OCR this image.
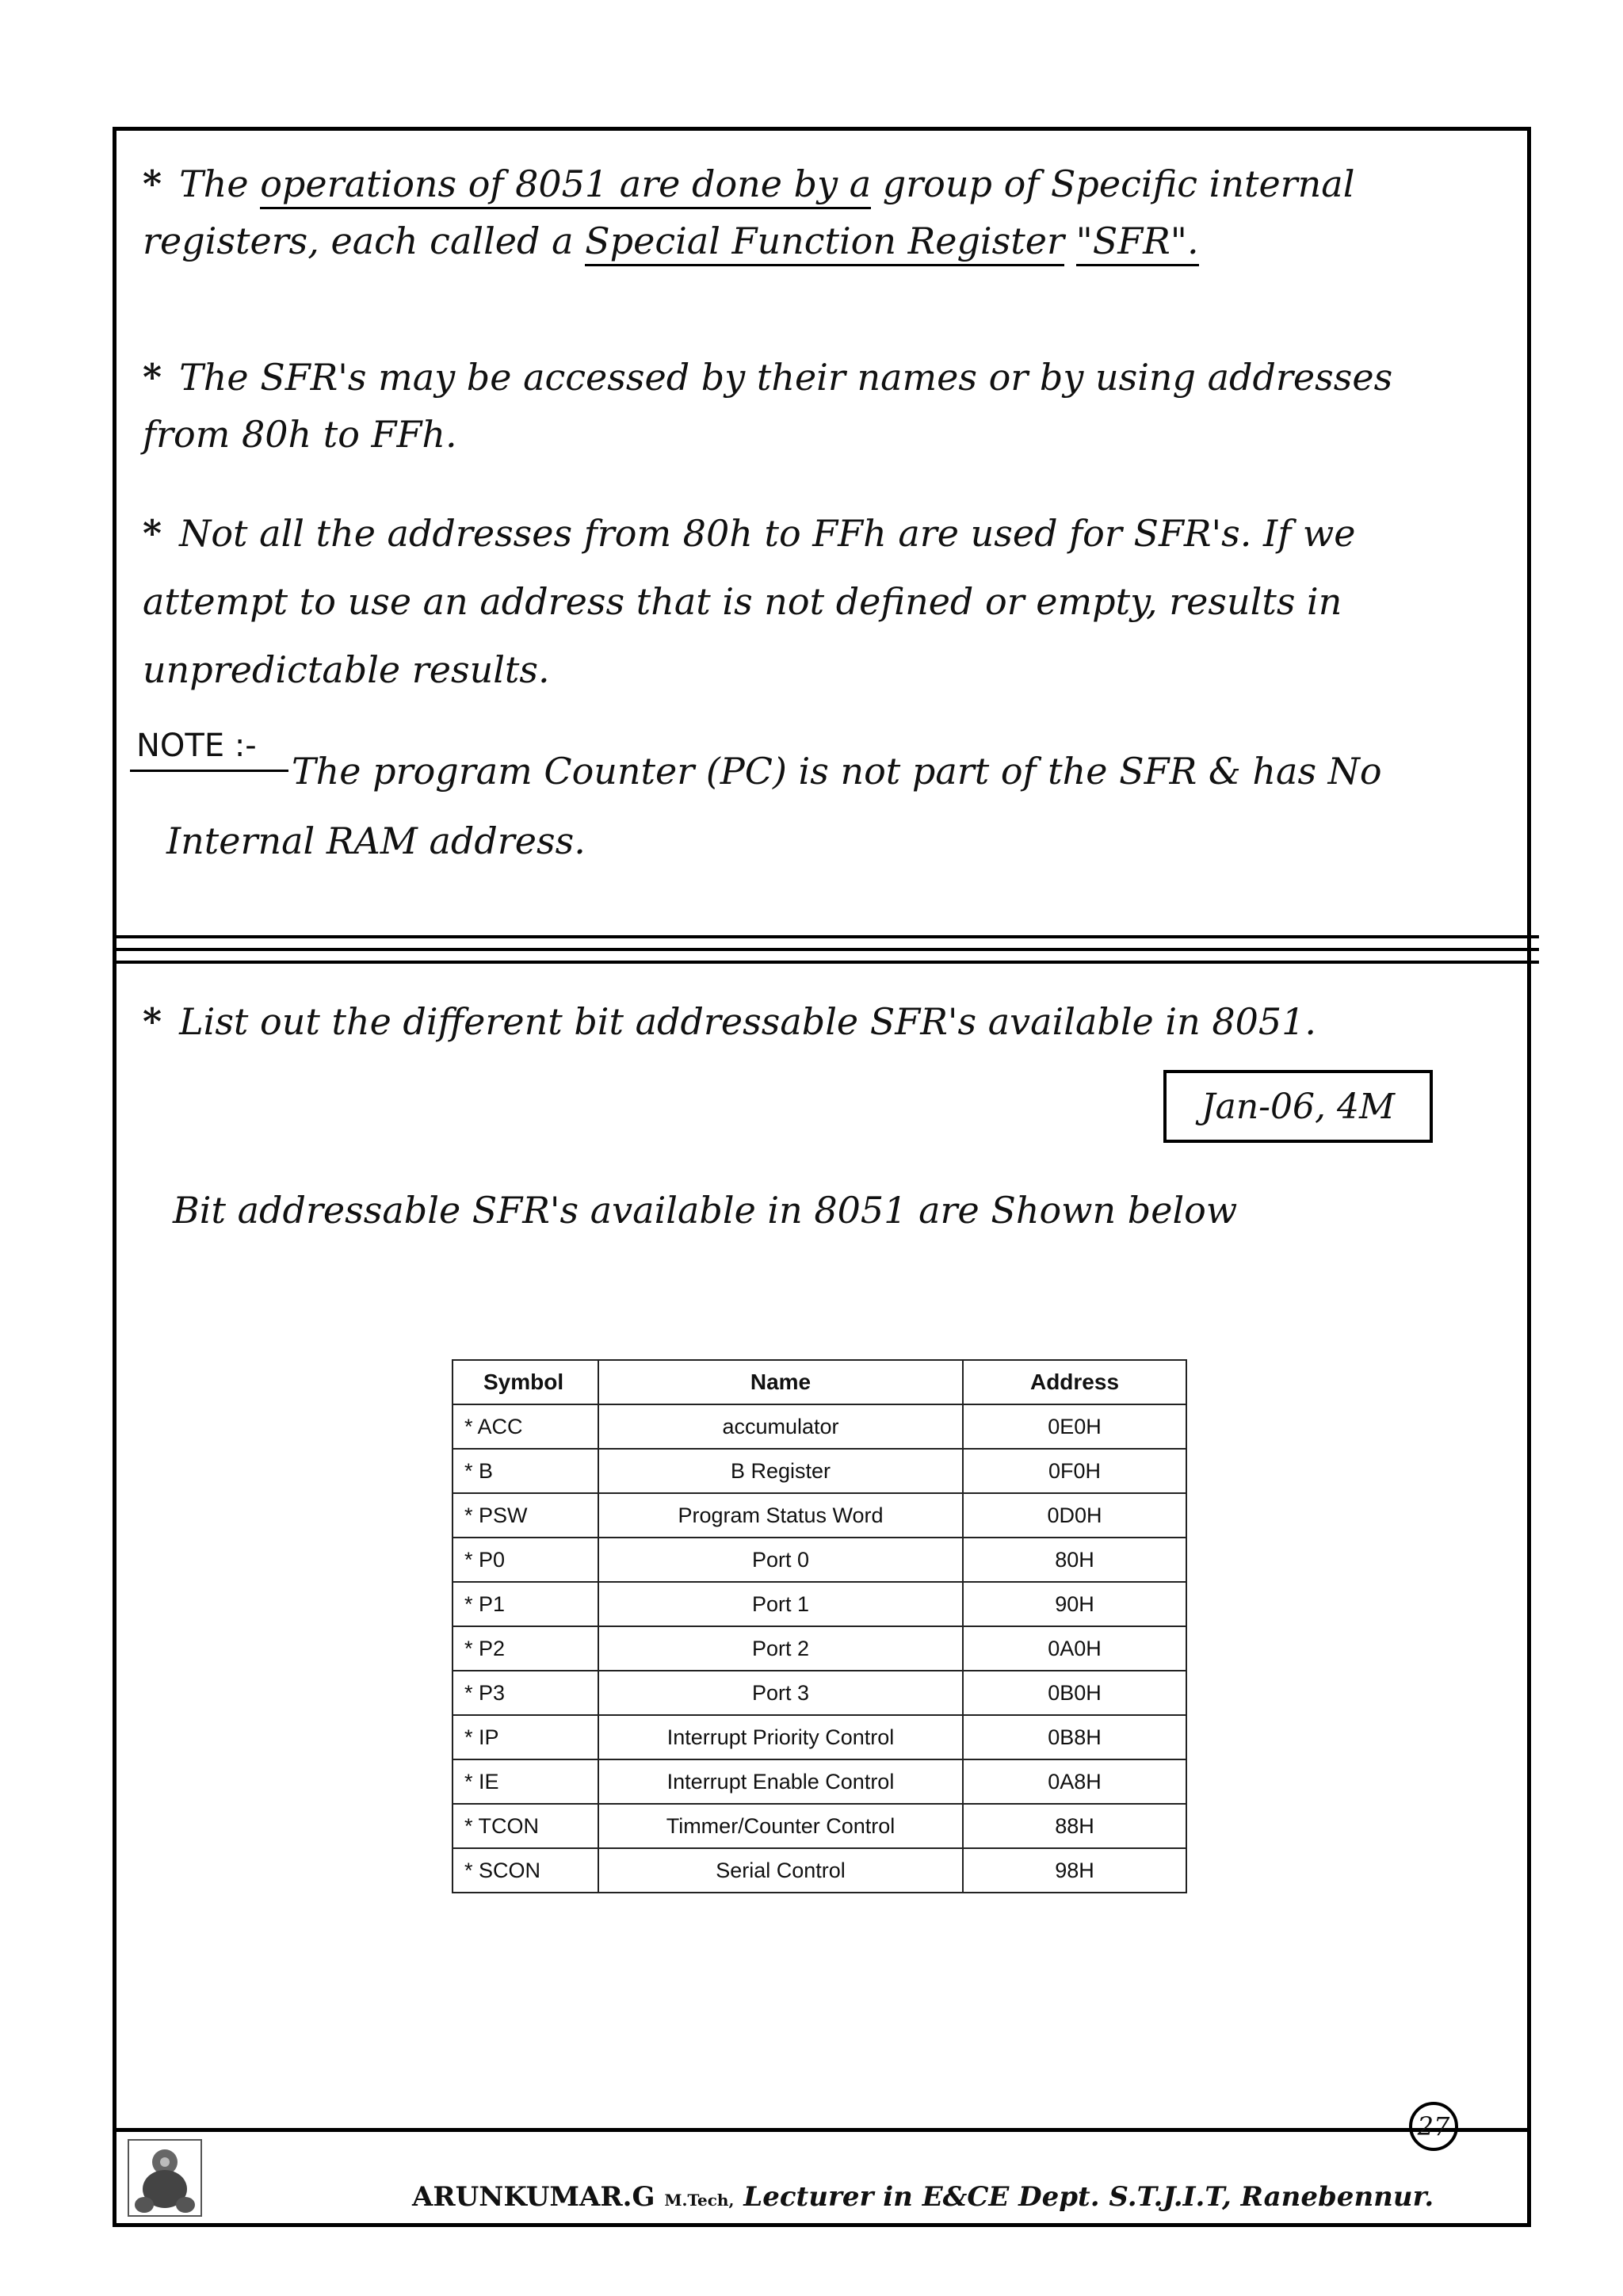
* The operations of 8051 are done by a group of Specific internal registers, each called a Special Function Register "SFR".
* The SFR's may be accessed by their names or by using addresses from 80h to FFh.
* Not all the addresses from 80h to FFh are used for SFR's. If we attempt to use an address that is not defined or empty, results in unpredictable results.
NOTE :-
The program Counter (PC) is not part of the SFR & has No
Internal RAM address.
* List out the different bit addressable SFR's available in 8051.
Jan-06, 4M
Bit addressable SFR's available in 8051 are Shown below
Symbol	Name	Address
* ACC	accumulator	0E0H
* B	B Register	0F0H
* PSW	Program Status Word	0D0H
* P0	Port 0	80H
* P1	Port 1	90H
* P2	Port 2	0A0H
* P3	Port 3	0B0H
* IP	Interrupt Priority Control	0B8H
* IE	Interrupt Enable Control	0A8H
* TCON	Timmer/Counter Control	88H
* SCON	Serial Control	98H
ARUNKUMAR.G M.Tech, Lecturer in E&CE Dept. S.T.J.I.T, Ranebennur.
27
